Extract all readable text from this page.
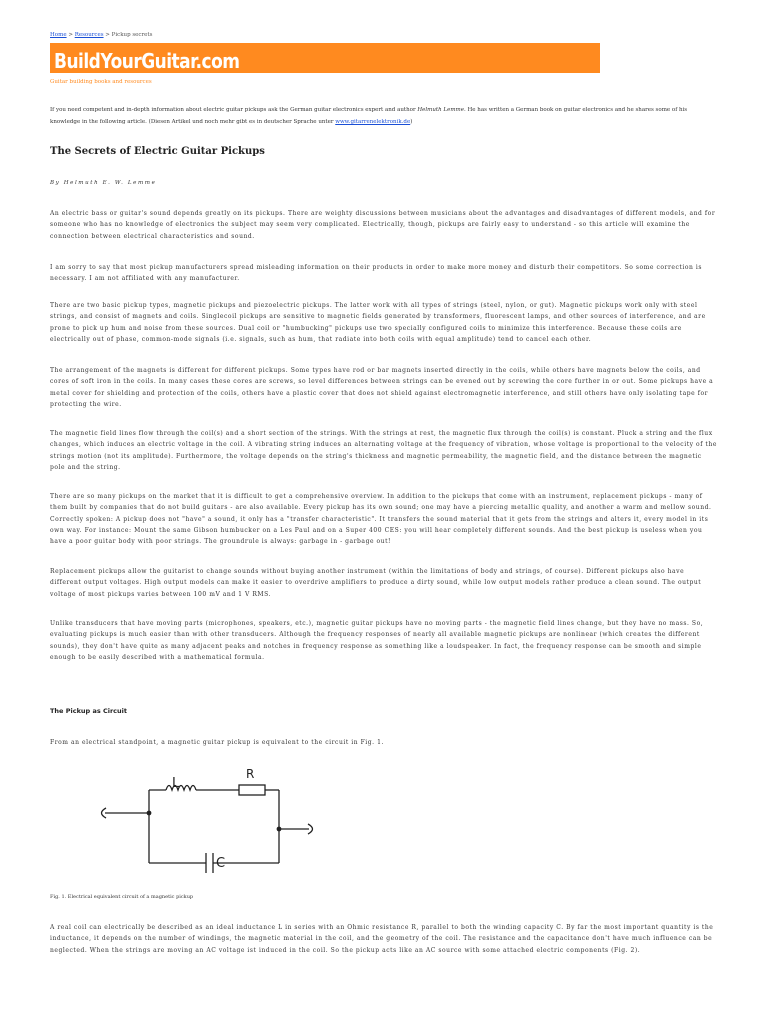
Home > Resources > Pickup secrets
BuildYourGuitar.com
Guitar building books and resources
If you need competent and in-depth information about electric guitar pickups ask the German guitar electronics expert and author Helmuth Lemme. He has written a German book on guitar electronics and he shares some of his knowledge in the following article. (Diesen Artikel und noch mehr gibt es in deutscher Sprache unter www.gitarrenelektronik.de)
The Secrets of Electric Guitar Pickups
By Helmuth E. W. Lemme

An electric bass or guitar's sound depends greatly on its pickups. There are weighty discussions between musicians about the advantages and disadvantages of different models, and for someone who has no knowledge of electronics the subject may seem very complicated. Electrically, though, pickups are fairly easy to understand - so this article will examine the connection between electrical characteristics and sound.

I am sorry to say that most pickup manufacturers spread misleading information on their products in order to make more money and disturb their competitors. So some correction is necessary. I am not affiliated with any manufacturer.

There are two basic pickup types, magnetic pickups and piezoelectric pickups. The latter work with all types of strings (steel, nylon, or gut). Magnetic pickups work only with steel strings, and consist of magnets and coils. Singlecoil pickups are sensitive to magnetic fields generated by transformers, fluorescent lamps, and other sources of interference, and are prone to pick up hum and noise from these sources. Dual coil or "humbucking" pickups use two specially configured coils to minimize this interference. Because these coils are electrically out of phase, common-mode signals (i.e. signals, such as hum, that radiate into both coils with equal amplitude) tend to cancel each other.

The arrangement of the magnets is different for different pickups. Some types have rod or bar magnets inserted directly in the coils, while others have magnets below the coils, and cores of soft iron in the coils. In many cases these cores are screws, so level differences between strings can be evened out by screwing the core further in or out. Some pickups have a metal cover for shielding and protection of the coils, others have a plastic cover that does not shield against electromagnetic interference, and still others have only isolating tape for protecting the wire.

The magnetic field lines flow through the coil(s) and a short section of the strings. With the strings at rest, the magnetic flux through the coil(s) is constant. Pluck a string and the flux changes, which induces an electric voltage in the coil. A vibrating string induces an alternating voltage at the frequency of vibration, whose voltage is proportional to the velocity of the strings motion (not its amplitude). Furthermore, the voltage depends on the string's thickness and magnetic permeability, the magnetic field, and the distance between the magnetic pole and the string.

There are so many pickups on the market that it is difficult to get a comprehensive overview. In addition to the pickups that come with an instrument, replacement pickups - many of them built by companies that do not build guitars - are also available. Every pickup has its own sound; one may have a piercing metallic quality, and another a warm and mellow sound. Correctly spoken: A pickup does not "have" a sound, it only has a "transfer characteristic". It transfers the sound material that it gets from the strings and alters it, every model in its own way. For instance: Mount the same Gibson humbucker on a Les Paul and on a Super 400 CES: you will hear completely different sounds. And the best pickup is useless when you have a poor guitar body with poor strings. The groundrule is always: garbage in - garbage out!

Replacement pickups allow the guitarist to change sounds without buying another instrument (within the limitations of body and strings, of course). Different pickups also have different output voltages. High output models can make it easier to overdrive amplifiers to produce a dirty sound, while low output models rather produce a clean sound. The output voltage of most pickups varies between 100 mV and 1 V RMS.

Unlike transducers that have moving parts (microphones, speakers, etc.), magnetic guitar pickups have no moving parts - the magnetic field lines change, but they have no mass. So, evaluating pickups is much easier than with other transducers. Although the frequency responses of nearly all available magnetic pickups are nonlinear (which creates the different sounds), they don't have quite as many adjacent peaks and notches in frequency response as something like a loudspeaker. In fact, the frequency response can be smooth and simple enough to be easily described with a mathematical formula.

The Pickup as Circuit

From an electrical standpoint, a magnetic guitar pickup is equivalent to the circuit in Fig. 1.

L
R
C
Fig. 1. Electrical equivalent circuit of a magnetic pickup

A real coil can electrically be described as an ideal inductance L in series with an Ohmic resistance R, parallel to both the winding capacity C. By far the most important quantity is the inductance, it depends on the number of windings, the magnetic material in the coil, and the geometry of the coil. The resistance and the capacitance don't have much influence can be neglected. When the strings are moving an AC voltage ist induced in the coil. So the pickup acts like an AC source with some attached electric components (Fig. 2).
